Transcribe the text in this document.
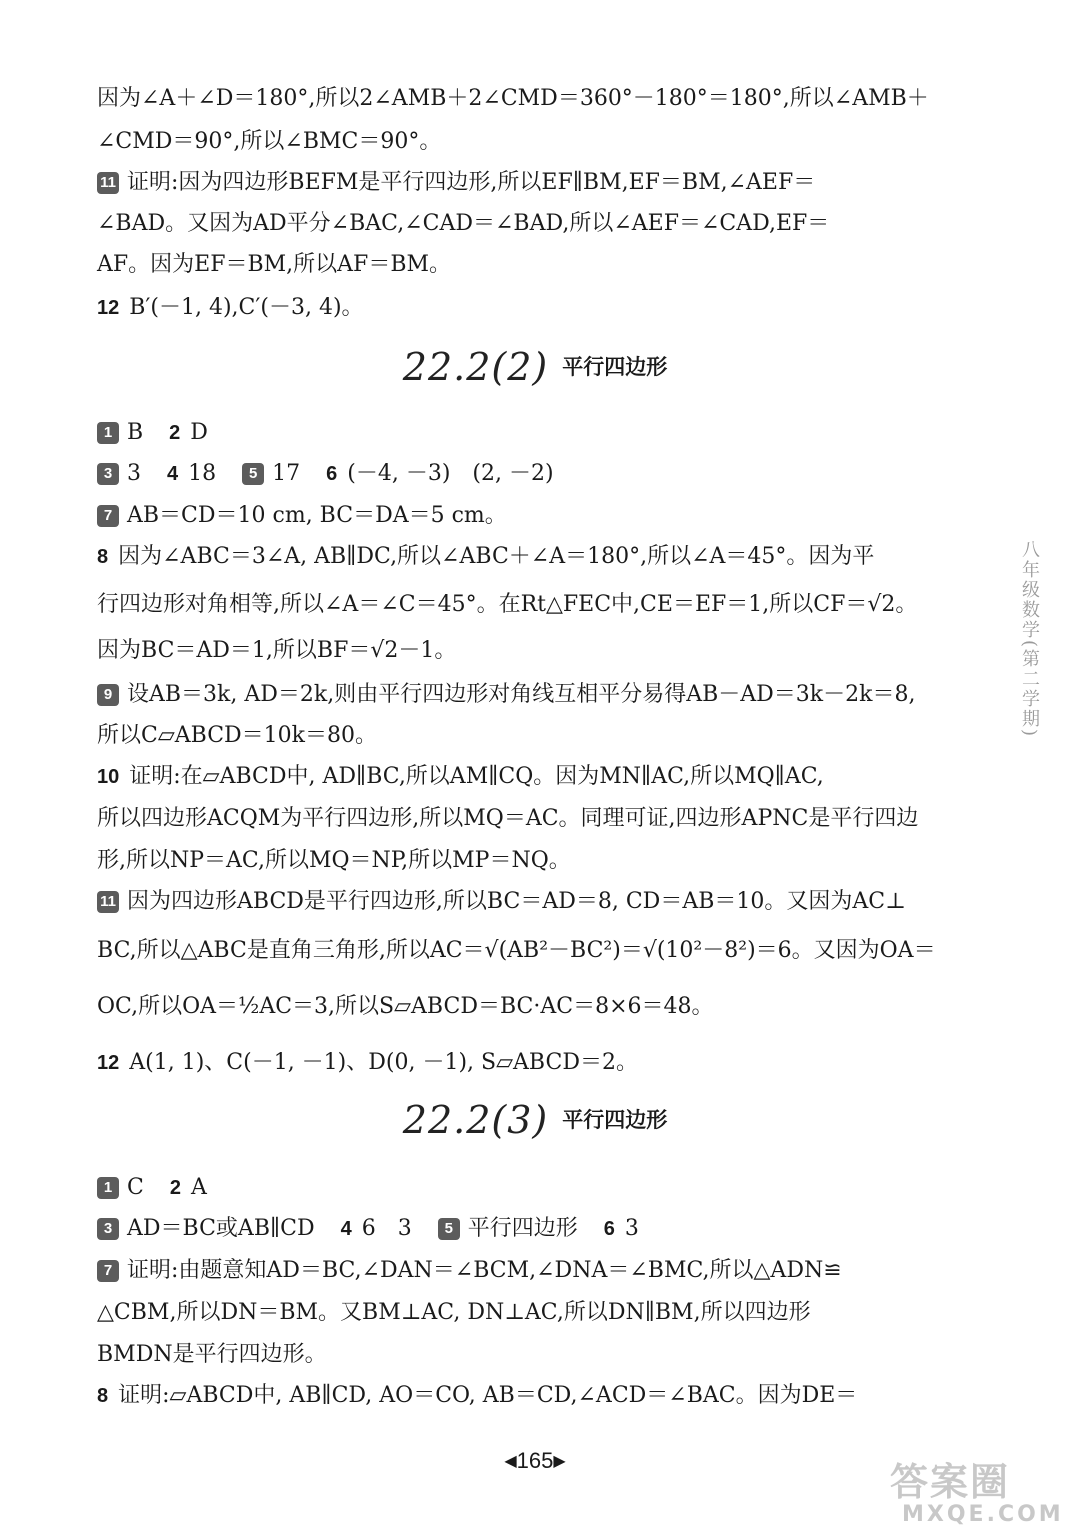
因为∠A＋∠D＝180°,所以2∠AMB＋2∠CMD＝360°－180°＝180°,所以∠AMB＋
∠CMD＝90°,所以∠BMC＝90°。
11 证明:因为四边形BEFM是平行四边形,所以EF∥BM,EF＝BM,∠AEF＝
∠BAD。又因为AD平分∠BAC,∠CAD＝∠BAD,所以∠AEF＝∠CAD,EF＝
AF。因为EF＝BM,所以AF＝BM。
12 B′(－1, 4),C′(－3, 4)。
22.2(2) 平行四边形
1 B 2 D
3 3 4 18 5 17 6 (－4, －3)　(2, －2)
7 AB＝CD＝10 cm, BC＝DA＝5 cm。
8 因为∠ABC＝3∠A, AB∥DC,所以∠ABC＋∠A＝180°,所以∠A＝45°。因为平
行四边形对角相等,所以∠A＝∠C＝45°。在Rt△FEC中,CE＝EF＝1,所以CF＝√2。
因为BC＝AD＝1,所以BF＝√2－1。
9 设AB＝3k, AD＝2k,则由平行四边形对角线互相平分易得AB－AD＝3k－2k＝8,
所以C▱ABCD＝10k＝80。
10 证明:在▱ABCD中, AD∥BC,所以AM∥CQ。因为MN∥AC,所以MQ∥AC,
所以四边形ACQM为平行四边形,所以MQ＝AC。同理可证,四边形APNC是平行四边
形,所以NP＝AC,所以MQ＝NP,所以MP＝NQ。
11 因为四边形ABCD是平行四边形,所以BC＝AD＝8, CD＝AB＝10。又因为AC⊥
BC,所以△ABC是直角三角形,所以AC＝√(AB²－BC²)＝√(10²－8²)＝6。又因为OA＝
OC,所以OA＝½AC＝3,所以S▱ABCD＝BC·AC＝8×6＝48。
12 A(1, 1)、C(－1, －1)、D(0, －1), S▱ABCD＝2。
22.2(3) 平行四边形
1 C 2 A
3 AD＝BC或AB∥CD 4 6　3 5 平行四边形 6 3
7 证明:由题意知AD＝BC,∠DAN＝∠BCM,∠DNA＝∠BMC,所以△ADN≌
△CBM,所以DN＝BM。又BM⊥AC, DN⊥AC,所以DN∥BM,所以四边形
BMDN是平行四边形。
8 证明:▱ABCD中, AB∥CD, AO＝CO, AB＝CD,∠ACD＝∠BAC。因为DE＝
八年级数学(第二学期)
◀165▶	答案圈
MXQE.COM
